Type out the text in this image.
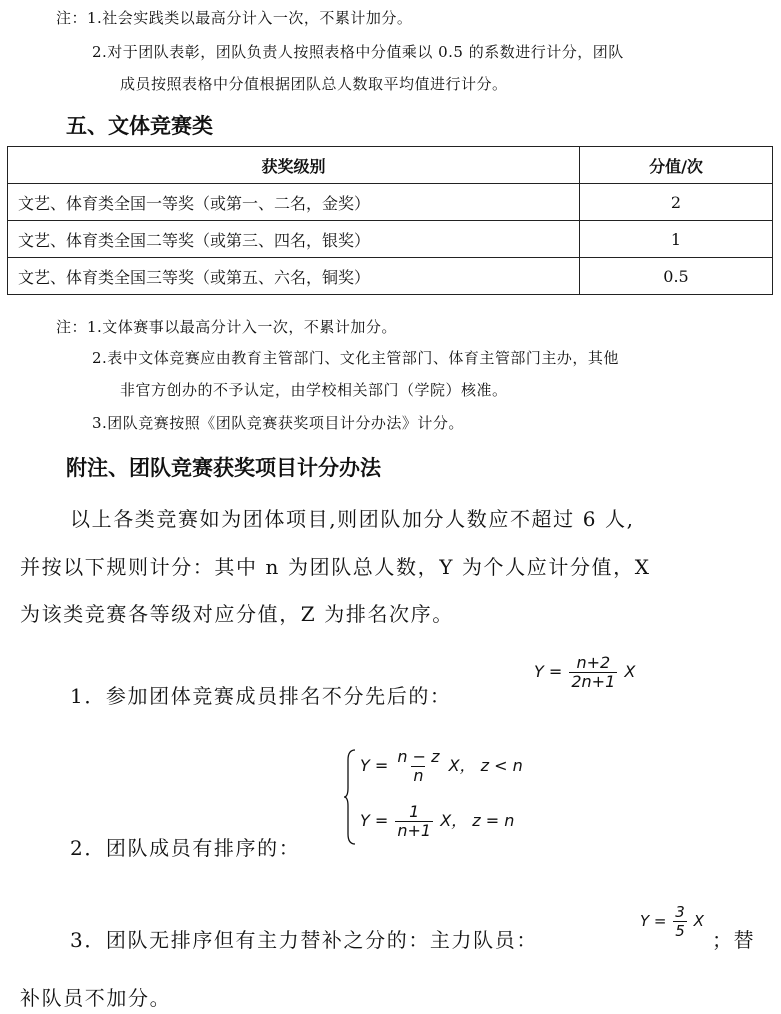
注：1.社会实践类以最高分计入一次，不累计加分。
2.对于团队表彰，团队负责人按照表格中分值乘以 0.5 的系数进行计分，团队
成员按照表格中分值根据团队总人数取平均值进行计分。
五、文体竞赛类
获奖级别	分值/次
文艺、体育类全国一等奖（或第一、二名，金奖）	2
文艺、体育类全国二等奖（或第三、四名，银奖）	1
文艺、体育类全国三等奖（或第五、六名，铜奖）	0.5
注：1.文体赛事以最高分计入一次，不累计加分。
2.表中文体竞赛应由教育主管部门、文化主管部门、体育主管部门主办，其他
非官方创办的不予认定，由学校相关部门（学院）核准。
3.团队竞赛按照《团队竞赛获奖项目计分办法》计分。
附注、团队竞赛获奖项目计分办法
以上各类竞赛如为团体项目,则团队加分人数应不超过 6 人,
并按以下规则计分：其中 n 为团队总人数，Y 为个人应计分值，X
为该类竞赛各等级对应分值，Z 为排名次序。
1．参加团体竞赛成员排名不分先后的：
$Y = \frac{n+2}{2n+1}$ X
$Y = \frac{n - z}{n}$ X， z < n
$Y = \frac{1}{n+1}$ X， z = n
2．团队成员有排序的：
3．团队无排序但有主力替补之分的：主力队员：
$Y = \frac{3}{5}$ X
；替
补队员不加分。
